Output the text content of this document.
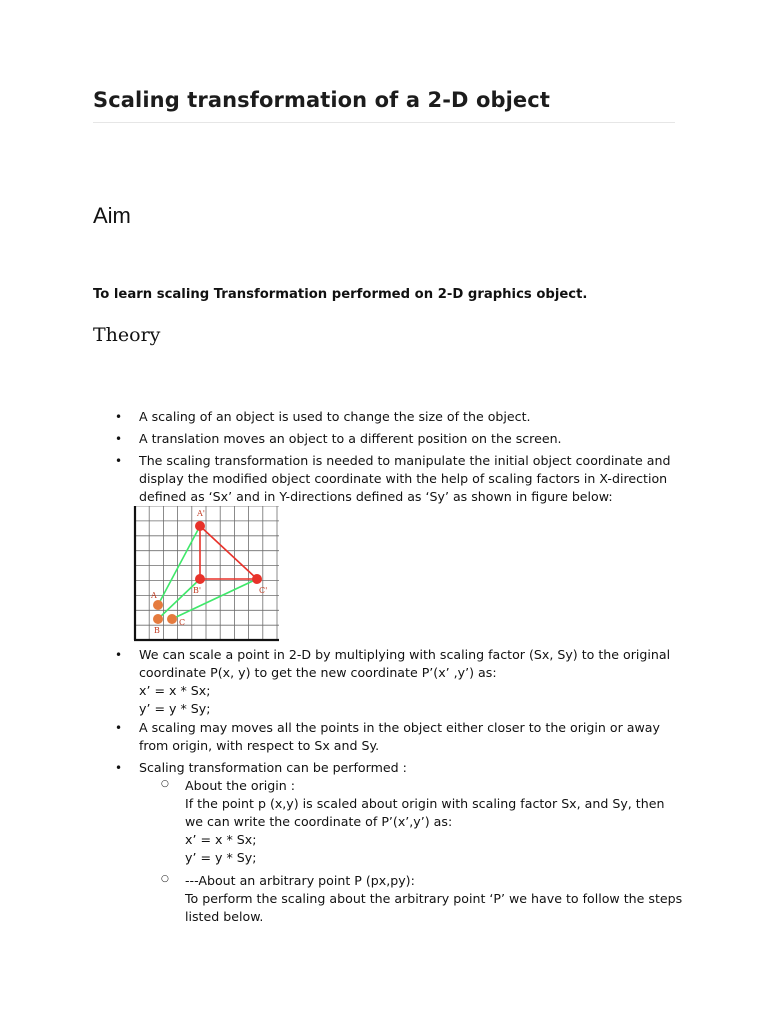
Scaling transformation of a 2-D object
Aim

To learn scaling Transformation performed on 2-D graphics object.

Theory
• A scaling of an object is used to change the size of the object.
• A translation moves an object to a different position on the screen.
• The scaling transformation is needed to manipulate the initial object coordinate and display the modified object coordinate with the help of scaling factors in X-direction defined as ‘Sx’ and in Y-directions defined as ‘Sy’ as shown in figure below:
A'
B'	C'
A
B
C
• We can scale a point in 2-D by multiplying with scaling factor (Sx, Sy) to the original coordinate P(x, y) to get the new coordinate P’(x’ ,y’) as:
x’ = x * Sx;
y’ = y * Sy;
• A scaling may moves all the points in the object either closer to the origin or away from origin, with respect to Sx and Sy.
• Scaling transformation can be performed :
○ About the origin :
If the point p (x,y) is scaled about origin with scaling factor Sx, and Sy, then we can write the coordinate of P’(x’,y’) as:
x’ = x * Sx;
y’ = y * Sy;
○ ---About an arbitrary point P (px,py):
To perform the scaling about the arbitrary point ‘P’ we have to follow the steps listed below.
